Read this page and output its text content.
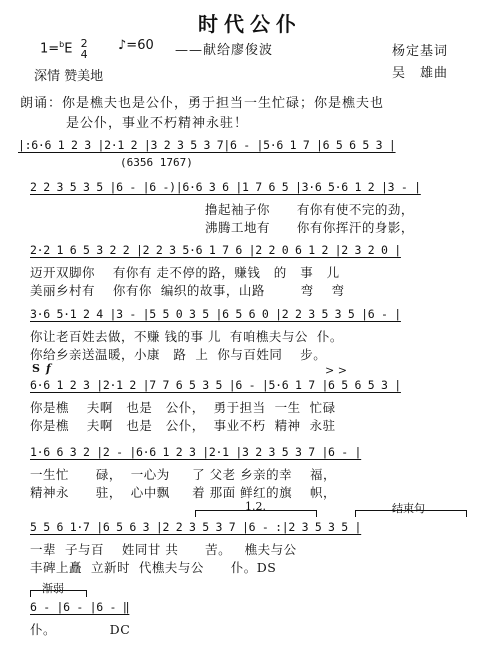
时代公仆
1=$^b$E 2
4
♪=60 ——献给廖俊波
深情 赞美地
杨定基词
吴　雄曲
朗诵：你是樵夫也是公仆，勇于担当一生忙碌；你是樵夫也
是公仆，事业不朽精神永驻！
|:6·6 1 2 3 |2·1 2 |3 2 3 5 3 7|6 - |5·6 1 7 |6 5 6 5 3 |
(6356 1767)
2 2 3 5 3 5 |6 - |6 -)|6·6 3 6 |1 7 6 5 |3·6 5·6 1 2 |3 - |
撸起袖子你      有你有使不完的劲，
沸腾工地有      你有你挥汗的身影，
2·2 1 6 5 3 2 2 |2 2 3 5·6 1 7 6 |2 2 0 6 1 2 |2 3 2 0 |
迈开双脚你    有你有 走不停的路，赚钱   的   事   儿
美丽乡村有    你有你  编织的故事，山路        弯    弯
3·6 5·1 2 4 |3 - |5 5 0 3 5 |6 5 6 0 |2 2 3 5 3 5 |6 - |
你让老百姓去做，不赚 钱的事 儿  有咱樵夫与公  仆。
你给乡亲送温暖，小康   路  上  你与百姓同    步。
S f	> >
6·6 1 2 3 |2·1 2 |7 7 6 5 3 5 |6 - |5·6 1 7 |6 5 6 5 3 |
你是樵    夫啊   也是   公仆，  勇于担当  一生  忙碌
你是樵    夫啊   也是   公仆，  事业不朽  精神  永驻
1·6 6 3 2 |2 - |6·6 1 2 3 |2·1 |3 2 3 5 3 7 |6 - |
一生忙      碌，  一心为     了 父老 乡亲的幸    福，
精神永      驻，  心中飘     着 那面 鲜红的旗    帜，
1.2.	结束句
5 5 6 1·7 |6 5 6 3 |2 2 3 5 3 7 |6 - :|2 3 5 3 5 |
一辈  子与百    姓同甘 共      苦。   樵夫与公
丰碑上矗  立新时  代樵夫与公      仆。DS
渐弱
6 - |6 - |6 - ‖
仆。            DC
